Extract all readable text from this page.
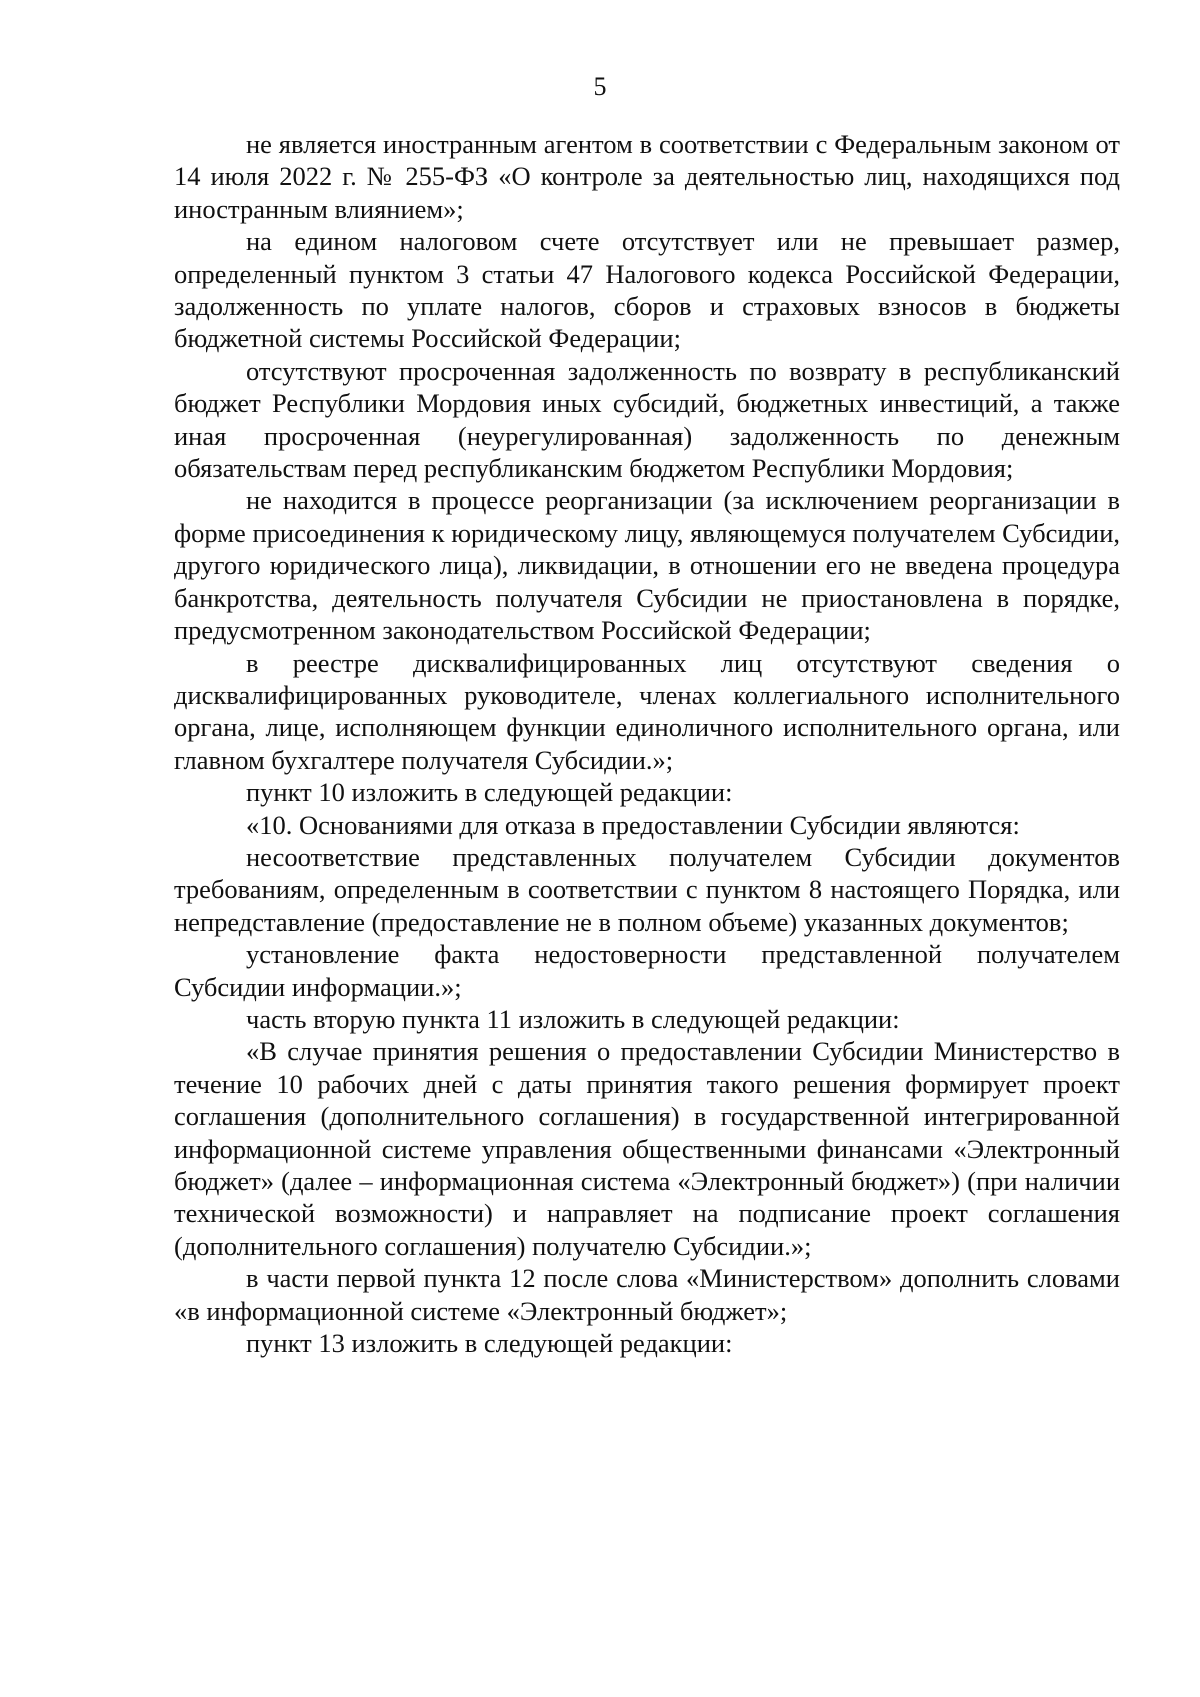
5

не является иностранным агентом в соответствии с Федеральным законом от 14 июля 2022 г. № 255-ФЗ «О контроле за деятельностью лиц, находящихся под иностранным влиянием»;

на едином налоговом счете отсутствует или не превышает размер, определенный пунктом 3 статьи 47 Налогового кодекса Российской Федерации, задолженность по уплате налогов, сборов и страховых взносов в бюджеты бюджетной системы Российской Федерации;

отсутствуют просроченная задолженность по возврату в республиканский бюджет Республики Мордовия иных субсидий, бюджетных инвестиций, а также иная просроченная (неурегулированная) задолженность по денежным обязательствам перед республиканским бюджетом Республики Мордовия;

не находится в процессе реорганизации (за исключением реорганизации в форме присоединения к юридическому лицу, являющемуся получателем Субсидии, другого юридического лица), ликвидации, в отношении его не введена процедура банкротства, деятельность получателя Субсидии не приостановлена в порядке, предусмотренном законодательством Российской Федерации;

в реестре дисквалифицированных лиц отсутствуют сведения о дисквалифицированных руководителе, членах коллегиального исполнительного органа, лице, исполняющем функции единоличного исполнительного органа, или главном бухгалтере получателя Субсидии.»;

пункт 10 изложить в следующей редакции:

«10. Основаниями для отказа в предоставлении Субсидии являются:

несоответствие представленных получателем Субсидии документов требованиям, определенным в соответствии с пунктом 8 настоящего Порядка, или непредставление (предоставление не в полном объеме) указанных документов;

установление факта недостоверности представленной получателем Субсидии информации.»;

часть вторую пункта 11 изложить в следующей редакции:

«В случае принятия решения о предоставлении Субсидии Министерство в течение 10 рабочих дней с даты принятия такого решения формирует проект соглашения (дополнительного соглашения) в государственной интегрированной информационной системе управления общественными финансами «Электронный бюджет» (далее – информационная система «Электронный бюджет») (при наличии технической возможности) и направляет на подписание проект соглашения (дополнительного соглашения) получателю Субсидии.»;

в части первой пункта 12 после слова «Министерством» дополнить словами «в информационной системе «Электронный бюджет»;

пункт 13 изложить в следующей редакции:
